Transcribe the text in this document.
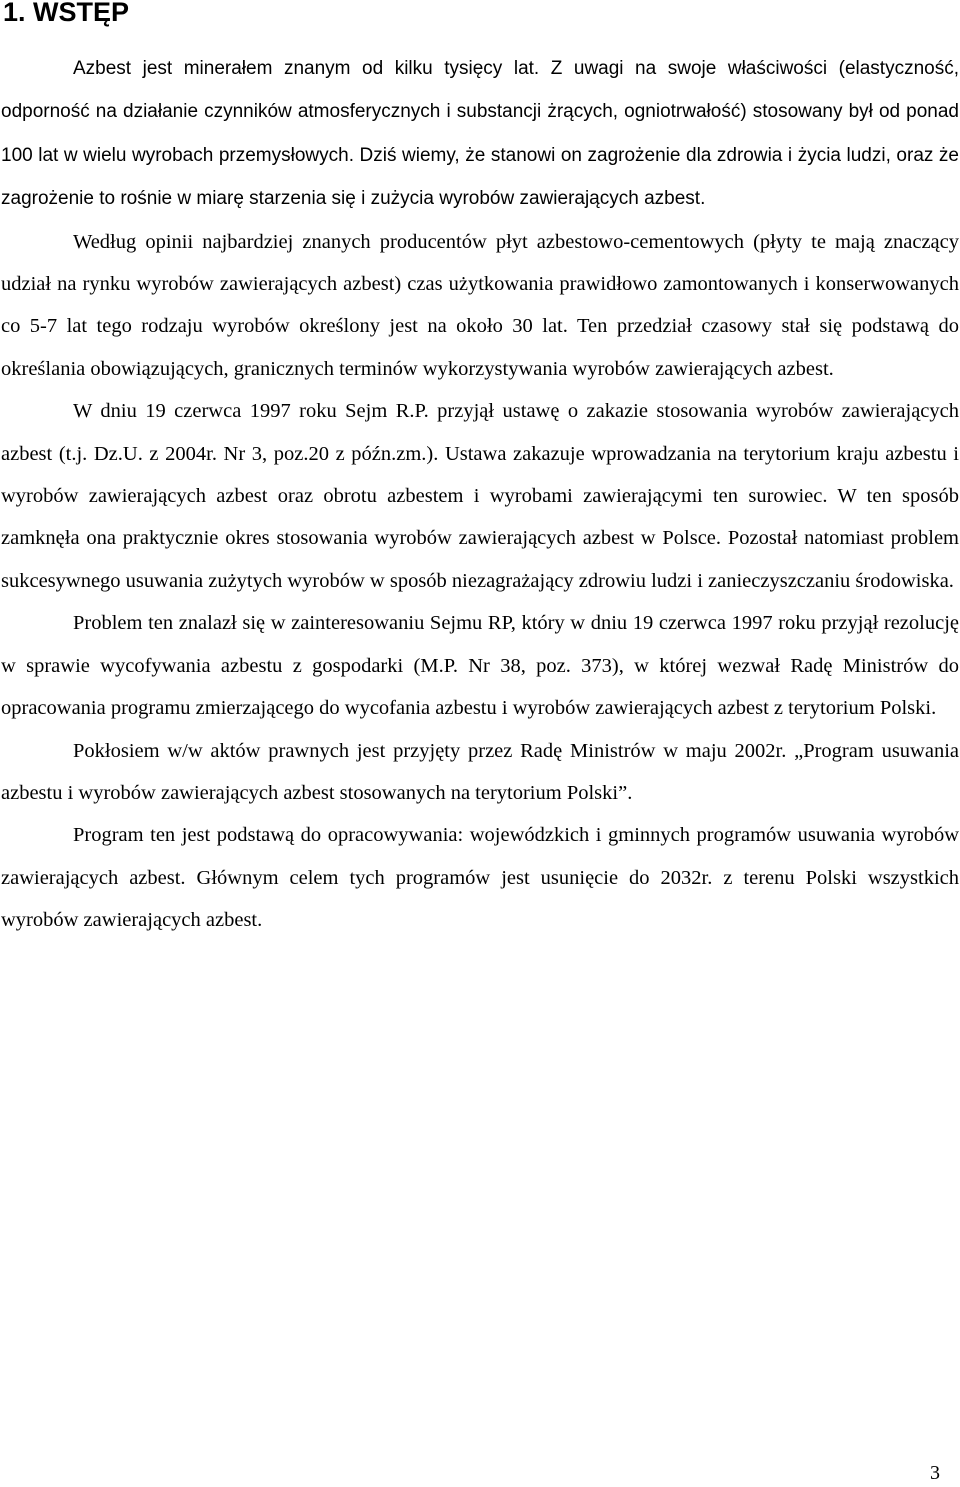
1. WSTĘP

Azbest jest minerałem znanym od kilku tysięcy lat. Z uwagi na swoje właściwości (elastyczność, odporność na działanie czynników atmosferycznych i substancji żrących, ogniotrwałość) stosowany był od ponad 100 lat w wielu wyrobach przemysłowych. Dziś wiemy, że stanowi on zagrożenie dla zdrowia i życia ludzi, oraz że zagrożenie to rośnie w miarę starzenia się i zużycia wyrobów zawierających azbest.

Według opinii najbardziej znanych producentów płyt azbestowo-cementowych (płyty te mają znaczący udział na rynku wyrobów zawierających azbest) czas użytkowania prawidłowo zamontowanych i konserwowanych co 5-7 lat tego rodzaju wyrobów określony jest na około 30 lat. Ten przedział czasowy stał się podstawą do określania obowiązujących, granicznych terminów wykorzystywania wyrobów zawierających azbest.

W dniu 19 czerwca 1997 roku Sejm R.P. przyjął ustawę o zakazie stosowania wyrobów zawierających azbest (t.j. Dz.U. z 2004r. Nr 3, poz.20 z późn.zm.). Ustawa zakazuje wprowadzania na terytorium kraju azbestu i wyrobów zawierających azbest oraz obrotu azbestem i wyrobami zawierającymi ten surowiec. W ten sposób zamknęła ona praktycznie okres stosowania wyrobów zawierających azbest w Polsce. Pozostał natomiast problem sukcesywnego usuwania zużytych wyrobów w sposób niezagrażający zdrowiu ludzi i zanieczyszczaniu środowiska.

Problem ten znalazł się w zainteresowaniu Sejmu RP, który w dniu 19 czerwca 1997 roku przyjął rezolucję w sprawie wycofywania azbestu z gospodarki (M.P. Nr 38, poz. 373), w której wezwał Radę Ministrów do opracowania programu zmierzającego do wycofania azbestu i wyrobów zawierających azbest z terytorium Polski.

Pokłosiem w/w aktów prawnych jest przyjęty przez Radę Ministrów w maju 2002r. „Program usuwania azbestu i wyrobów zawierających azbest stosowanych na terytorium Polski”.

Program ten jest podstawą do opracowywania: wojewódzkich i gminnych programów usuwania wyrobów zawierających azbest. Głównym celem tych programów jest usunięcie do 2032r. z terenu Polski wszystkich wyrobów zawierających azbest.

3
